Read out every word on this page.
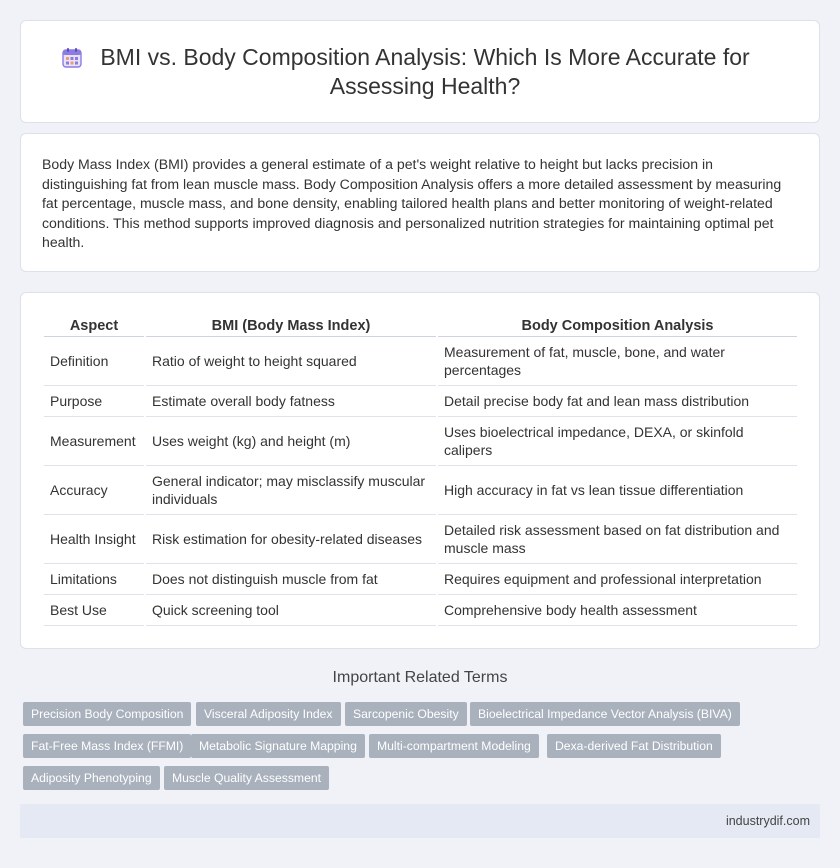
BMI vs. Body Composition Analysis: Which Is More Accurate for Assessing Health?

Body Mass Index (BMI) provides a general estimate of a pet's weight relative to height but lacks precision in distinguishing fat from lean muscle mass. Body Composition Analysis offers a more detailed assessment by measuring fat percentage, muscle mass, and bone density, enabling tailored health plans and better monitoring of weight-related conditions. This method supports improved diagnosis and personalized nutrition strategies for maintaining optimal pet health.

Aspect	BMI (Body Mass Index)	Body Composition Analysis
Definition	Ratio of weight to height squared	Measurement of fat, muscle, bone, and water percentages
Purpose	Estimate overall body fatness	Detail precise body fat and lean mass distribution
Measurement	Uses weight (kg) and height (m)	Uses bioelectrical impedance, DEXA, or skinfold calipers
Accuracy	General indicator; may misclassify muscular individuals	High accuracy in fat vs lean tissue differentiation
Health Insight	Risk estimation for obesity-related diseases	Detailed risk assessment based on fat distribution and muscle mass
Limitations	Does not distinguish muscle from fat	Requires equipment and professional interpretation
Best Use	Quick screening tool	Comprehensive body health assessment
Important Related Terms
Precision Body Composition	Visceral Adiposity Index	Sarcopenic Obesity	Bioelectrical Impedance Vector Analysis (BIVA)
Fat-Free Mass Index (FFMI)	Metabolic Signature Mapping	Multi-compartment Modeling	Dexa-derived Fat Distribution
Adiposity Phenotyping	Muscle Quality Assessment
industrydif.com
